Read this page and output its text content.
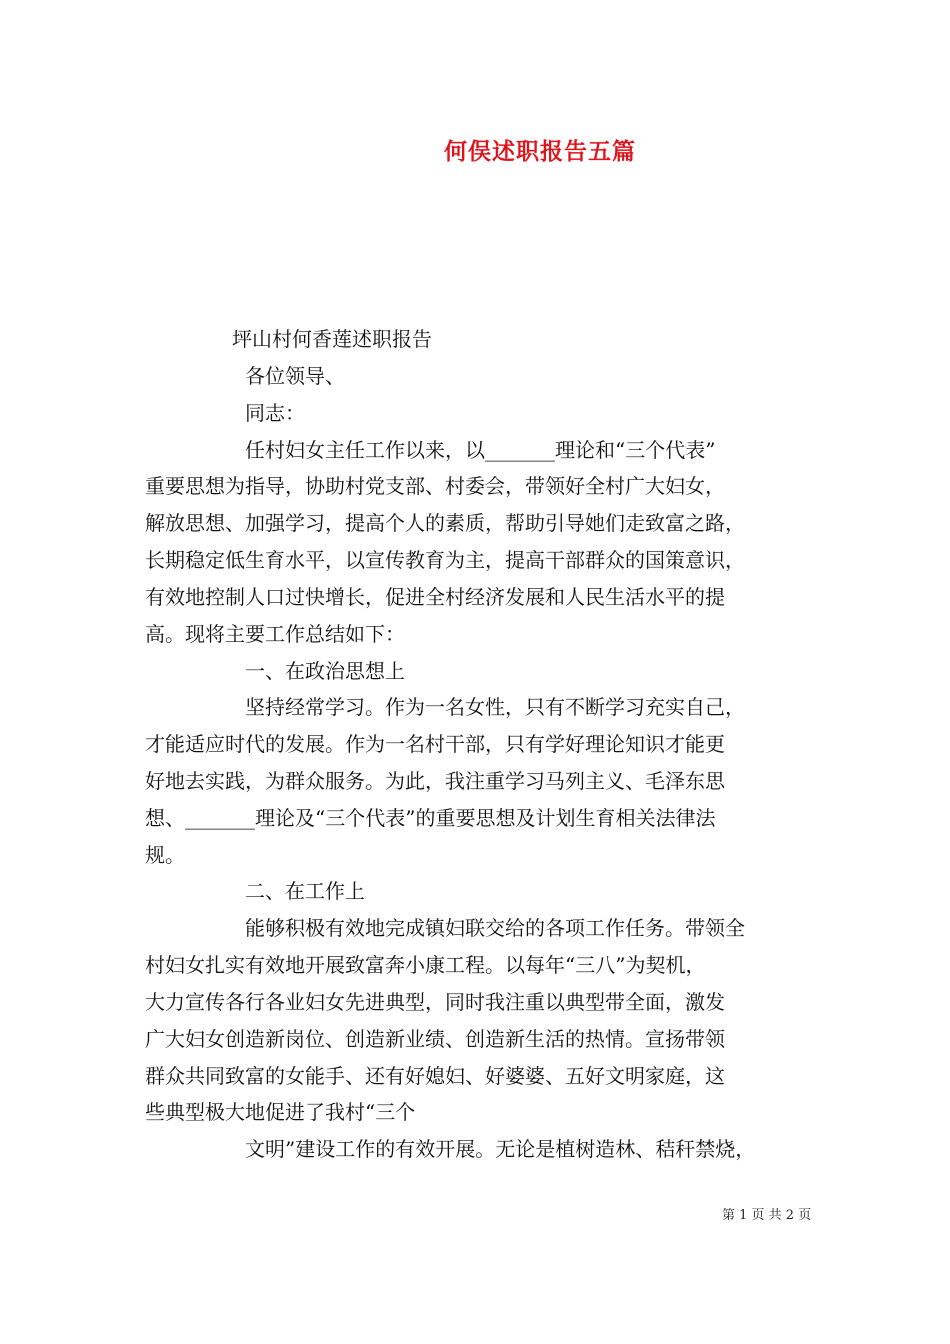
何俣述职报告五篇
坪山村何香莲述职报告
各位领导、
同志：
任村妇女主任工作以来，以_______理论和“三个代表”
重要思想为指导，协助村党支部、村委会，带领好全村广大妇女，
解放思想、加强学习，提高个人的素质，帮助引导她们走致富之路，
长期稳定低生育水平，以宣传教育为主，提高干部群众的国策意识，
有效地控制人口过快增长，促进全村经济发展和人民生活水平的提
高。现将主要工作总结如下：
一、在政治思想上
坚持经常学习。作为一名女性，只有不断学习充实自己，
才能适应时代的发展。作为一名村干部，只有学好理论知识才能更
好地去实践，为群众服务。为此，我注重学习马列主义、毛泽东思
想、_______理论及“三个代表”的重要思想及计划生育相关法律法
规。
二、在工作上
能够积极有效地完成镇妇联交给的各项工作任务。带领全
村妇女扎实有效地开展致富奔小康工程。以每年“三八”为契机，
大力宣传各行各业妇女先进典型，同时我注重以典型带全面，激发
广大妇女创造新岗位、创造新业绩、创造新生活的热情。宣扬带领
群众共同致富的女能手、还有好媳妇、好婆婆、五好文明家庭，这
些典型极大地促进了我村“三个
文明”建设工作的有效开展。无论是植树造林、秸秆禁烧，
第 1 页 共 2 页
